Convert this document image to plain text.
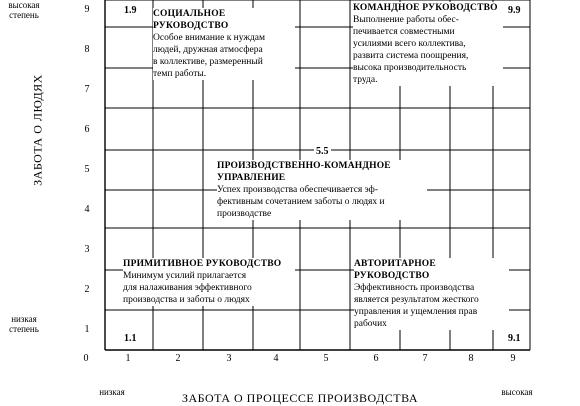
ЗАБОТА О ЛЮДЯХ
высокая
степень
низкая
степень
низкая	высокая
ЗАБОТА О ПРОЦЕССЕ ПРОИЗВОДСТВА
0	1	2	3	4	5	6	7	8	9
1
2
3
4
5
6
7
8
9	СОЦИАЛЬНОЕ
РУКОВОДСТВО
Особое внимание к нуждам
людей, дружная атмосфера
в коллективе, размеренный
темп работы.
1.9	КОМАНДНОЕ РУКОВОДСТВО
Выполнение работы обес-
печивается совместными
усилиями всего коллектива,
развита система поощрения,
высока производительность
труда.
9.9
5.5
ПРОИЗВОДСТВЕННО-КОМАНДНОЕ
УПРАВЛЕНИЕ
Успех производства обеспечивается эф-
фективным сочетанием заботы о людях и
производстве
ПРИМИТИВНОЕ РУКОВОДСТВО
Минимум усилий прилагается
для налаживания эффективного
производства и заботы о людях
1.1
АВТОРИТАРНОЕ РУКОВОДСТВО
Эффективность производства
является результатом жесткого
управления и ущемления прав
рабочих
9.1
